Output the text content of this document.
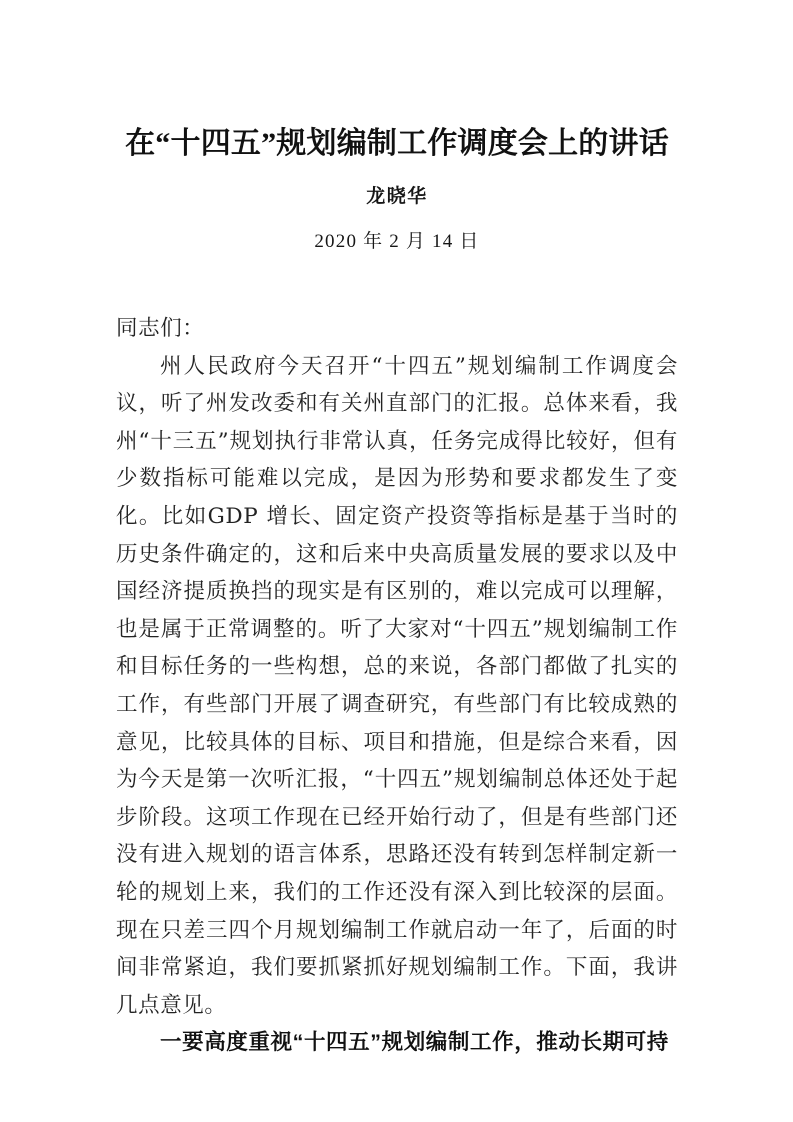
在“十四五”规划编制工作调度会上的讲话
龙晓华
2020 年 2 月 14 日

同志们：

州人民政府今天召开“十四五”规划编制工作调度会议，听了州发改委和有关州直部门的汇报。总体来看，我州“十三五”规划执行非常认真，任务完成得比较好，但有少数指标可能难以完成，是因为形势和要求都发生了变化。比如GDP 增长、固定资产投资等指标是基于当时的历史条件确定的，这和后来中央高质量发展的要求以及中国经济提质换挡的现实是有区别的，难以完成可以理解，也是属于正常调整的。听了大家对“十四五”规划编制工作和目标任务的一些构想，总的来说，各部门都做了扎实的工作，有些部门开展了调查研究，有些部门有比较成熟的意见，比较具体的目标、项目和措施，但是综合来看，因为今天是第一次听汇报，“十四五”规划编制总体还处于起步阶段。这项工作现在已经开始行动了，但是有些部门还没有进入规划的语言体系，思路还没有转到怎样制定新一轮的规划上来，我们的工作还没有深入到比较深的层面。现在只差三四个月规划编制工作就启动一年了，后面的时间非常紧迫，我们要抓紧抓好规划编制工作。下面，我讲几点意见。

一要高度重视“十四五”规划编制工作，推动长期可持
